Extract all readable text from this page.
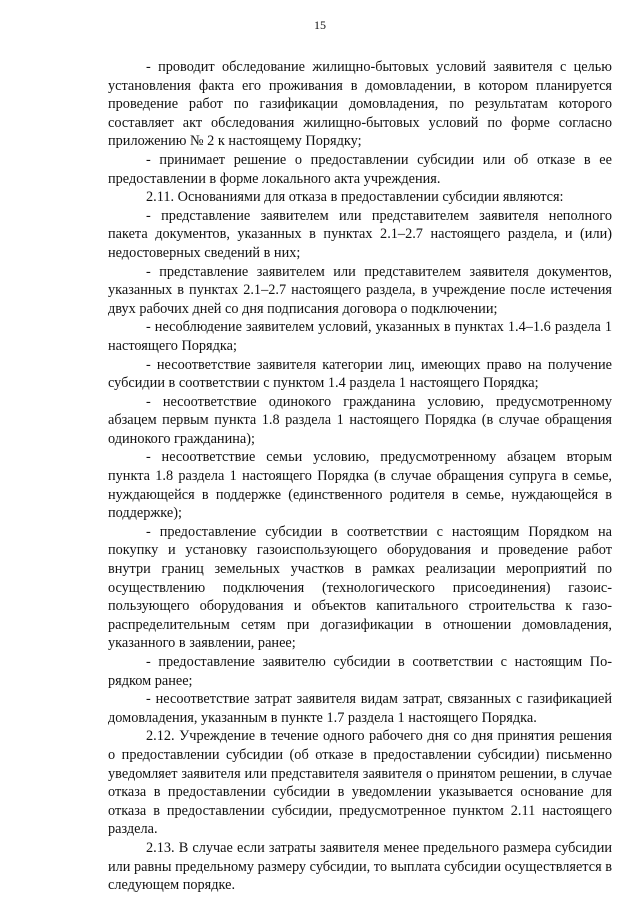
15

- проводит обследование жилищно-бытовых условий заявителя с целью установления факта его проживания в домовладении, в котором планируется проведение работ по газификации домовладения, по результатам которого составляет акт обследования жилищно-бытовых условий по форме согласно приложению № 2 к настоящему Порядку;

- принимает решение о предоставлении субсидии или об отказе в ее предоставлении в форме локального акта учреждения.

2.11. Основаниями для отказа в предоставлении субсидии являются:

- представление заявителем или представителем заявителя неполного пакета документов, указанных в пунктах 2.1–2.7 настоящего раздела, и (или) недостоверных сведений в них;

- представление заявителем или представителем заявителя документов, указанных в пунктах 2.1–2.7 настоящего раздела, в учреждение после истечения двух рабочих дней со дня подписания договора о подключении;

- несоблюдение заявителем условий, указанных в пунктах 1.4–1.6 раздела 1 настоящего Порядка;

- несоответствие заявителя категории лиц, имеющих право на получение субсидии в соответствии с пунктом 1.4 раздела 1 настоящего Порядка;

- несоответствие одинокого гражданина условию, предусмотренному абзацем первым пункта 1.8 раздела 1 настоящего Порядка (в случае обращения одинокого гражданина);

- несоответствие семьи условию, предусмотренному абзацем вторым пункта 1.8 раздела 1 настоящего Порядка (в случае обращения супруга в семье, нуждающейся в поддержке (единственного родителя в семье, нуждающейся в поддержке);

- предоставление субсидии в соответствии с настоящим Порядком на покупку и установку газоиспользующего оборудования и проведение работ внутри границ земельных участков в рамках реализации мероприятий по осуществлению подключения (технологического присоединения) газоиспользующего оборудования и объектов капитального строительства к газораспределительным сетям при догазификации в отношении домовладения, указанного в заявлении, ранее;

- предоставление заявителю субсидии в соответствии с настоящим Порядком ранее;

- несоответствие затрат заявителя видам затрат, связанных с газификацией домовладения, указанным в пункте 1.7 раздела 1 настоящего Порядка.

2.12. Учреждение в течение одного рабочего дня со дня принятия решения о предоставлении субсидии (об отказе в предоставлении субсидии) письменно уведомляет заявителя или представителя заявителя о принятом решении, в случае отказа в предоставлении субсидии в уведомлении указывается основание для отказа в предоставлении субсидии, предусмотренное пунктом 2.11 настоящего раздела.

2.13. В случае если затраты заявителя менее предельного размера субсидии или равны предельному размеру субсидии, то выплата субсидии осуществляется в следующем порядке.
